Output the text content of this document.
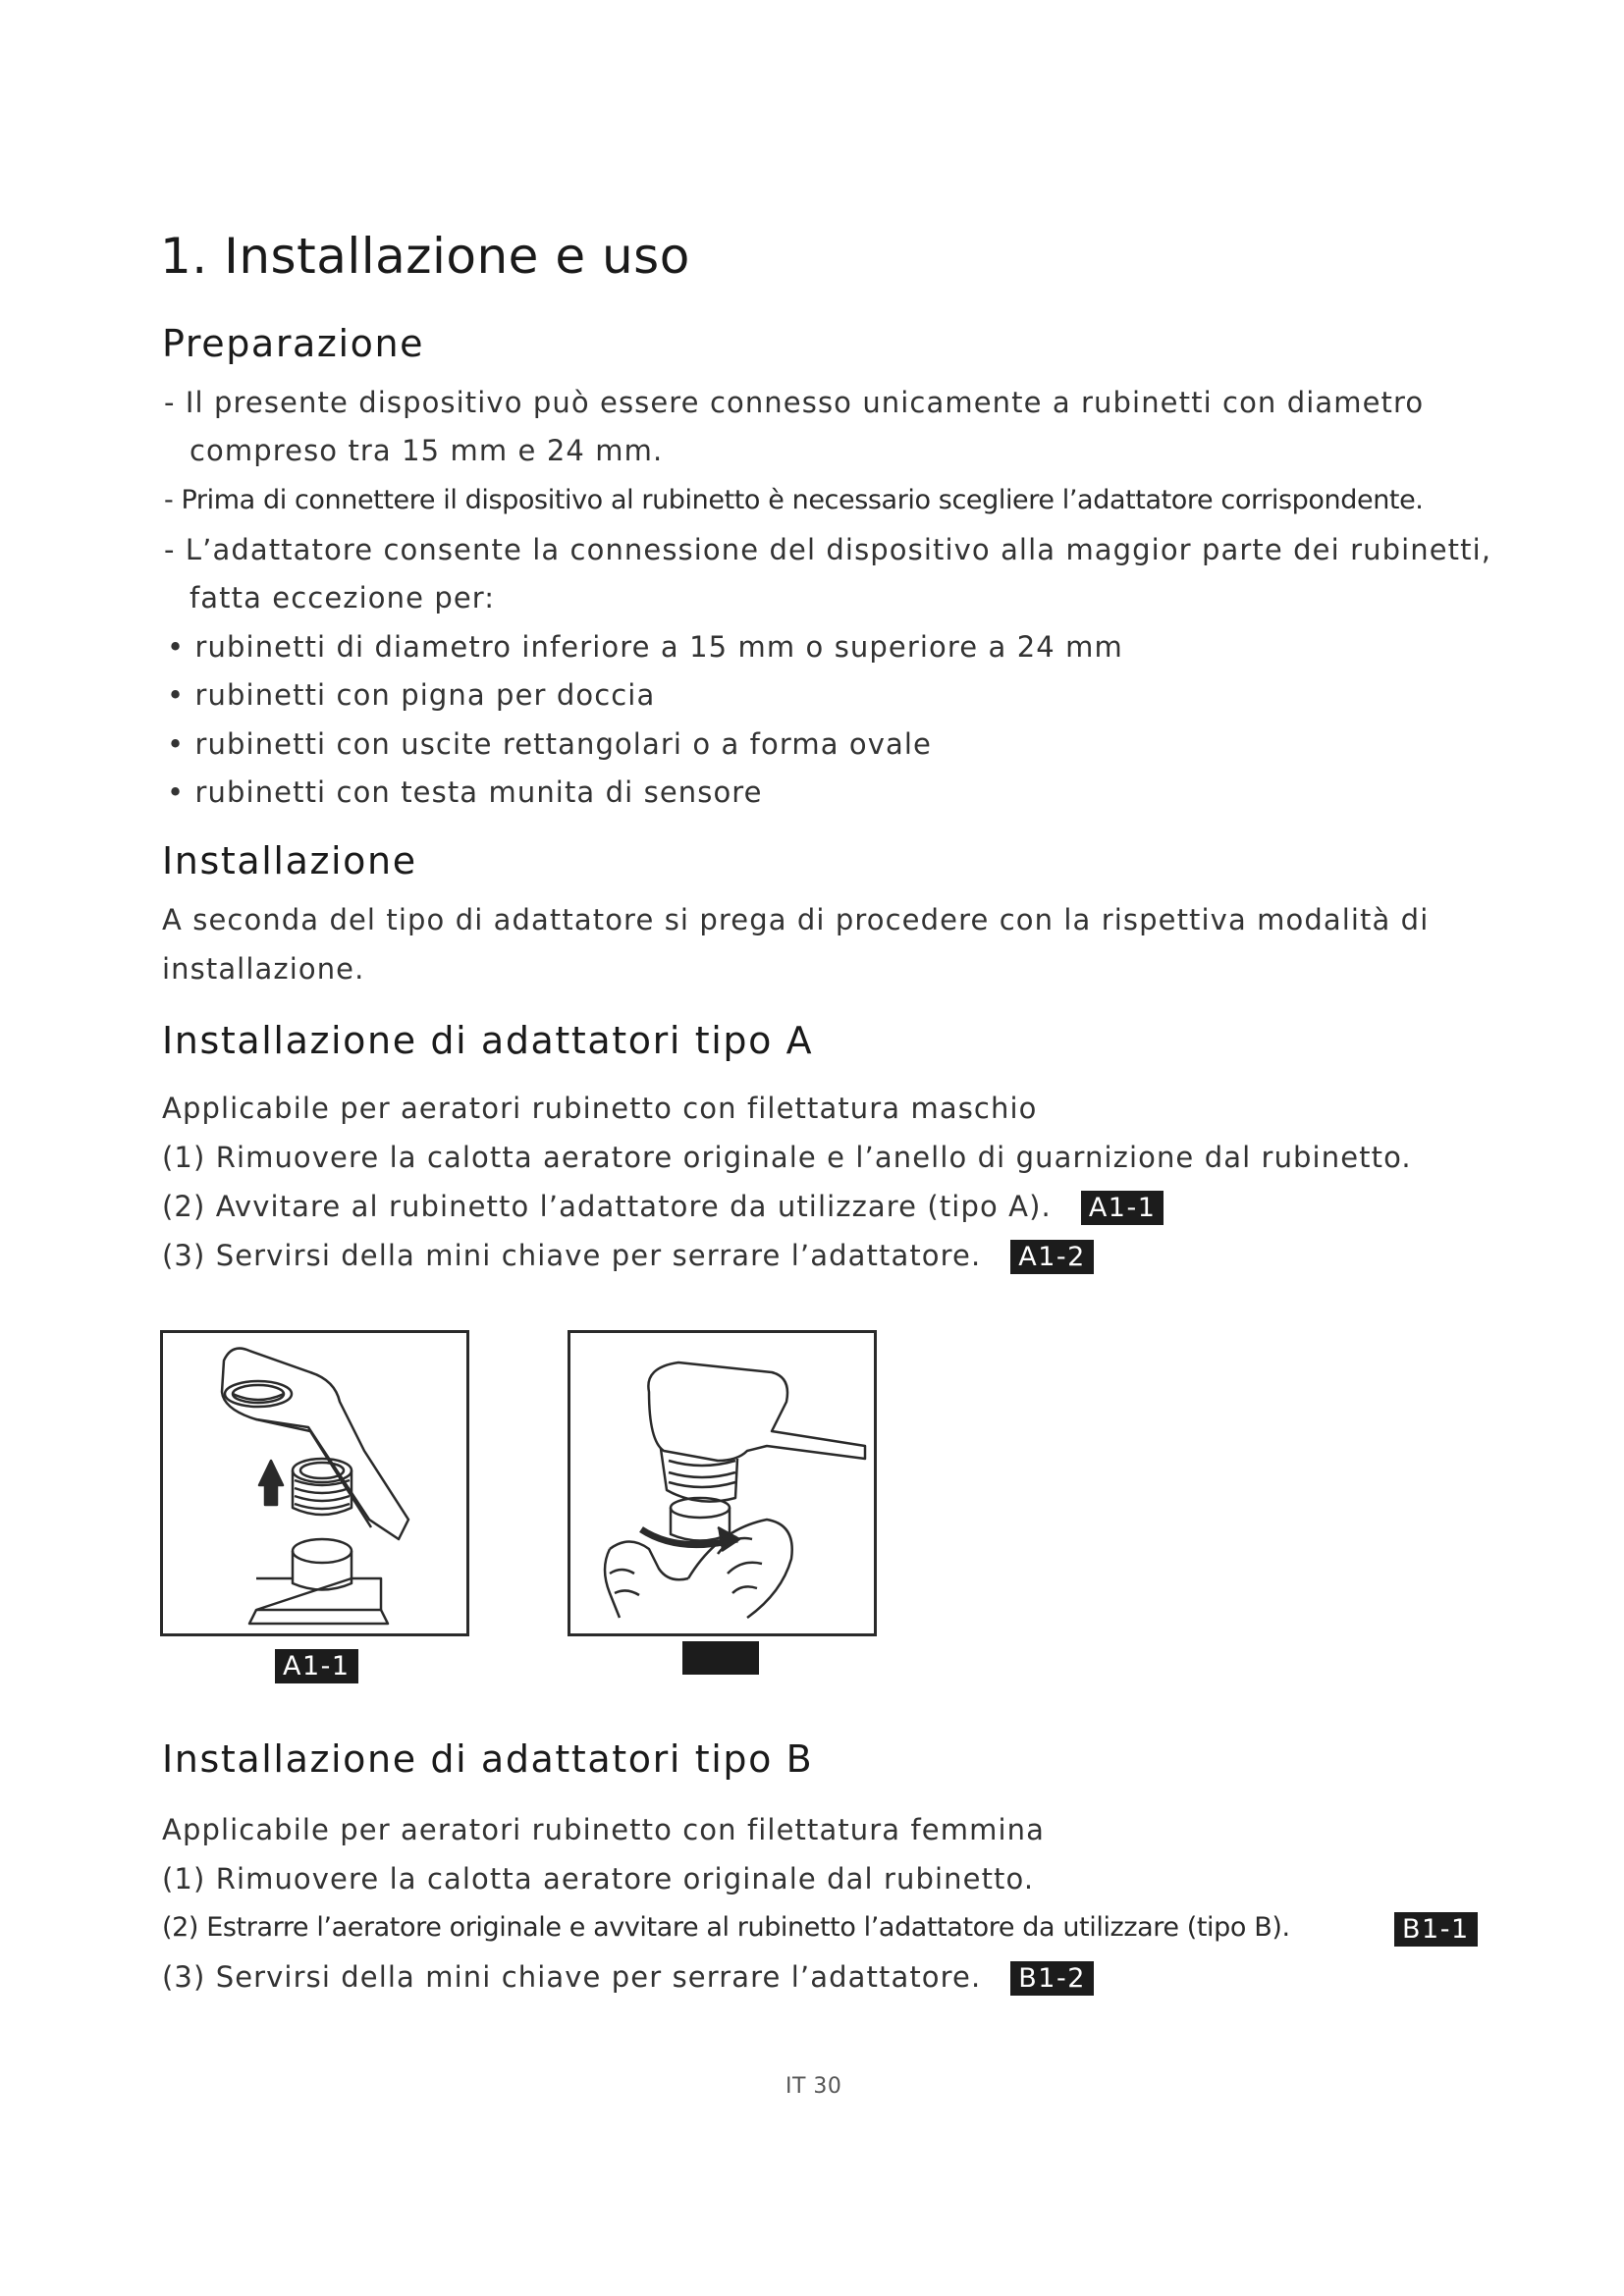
1. Installazione e uso
Preparazione
- Il presente dispositivo può essere connesso unicamente a rubinetti con diametro
compreso tra 15 mm e 24 mm.
- Prima di connettere il dispositivo al rubinetto è necessario scegliere l’adattatore corrispondente.
- L’adattatore consente la connessione del dispositivo alla maggior parte dei rubinetti,
fatta eccezione per:
• rubinetti di diametro inferiore a 15 mm o superiore a 24 mm
• rubinetti con pigna per doccia
• rubinetti con uscite rettangolari o a forma ovale
• rubinetti con testa munita di sensore
Installazione
A seconda del tipo di adattatore si prega di procedere con la rispettiva modalità di
installazione.
Installazione di adattatori tipo A
Applicabile per aeratori rubinetto con filettatura maschio
(1) Rimuovere la calotta aeratore originale e l’anello di guarnizione dal rubinetto.
(2) Avvitare al rubinetto l’adattatore da utilizzare (tipo A). A1-1
(3) Servirsi della mini chiave per serrare l’adattatore. A1-2
A1-1
Installazione di adattatori tipo B
Applicabile per aeratori rubinetto con filettatura femmina
(1) Rimuovere la calotta aeratore originale dal rubinetto.
(2) Estrarre l’aeratore originale e avvitare al rubinetto l’adattatore da utilizzare (tipo B).	B1-1
(3) Servirsi della mini chiave per serrare l’adattatore. B1-2
IT 30
